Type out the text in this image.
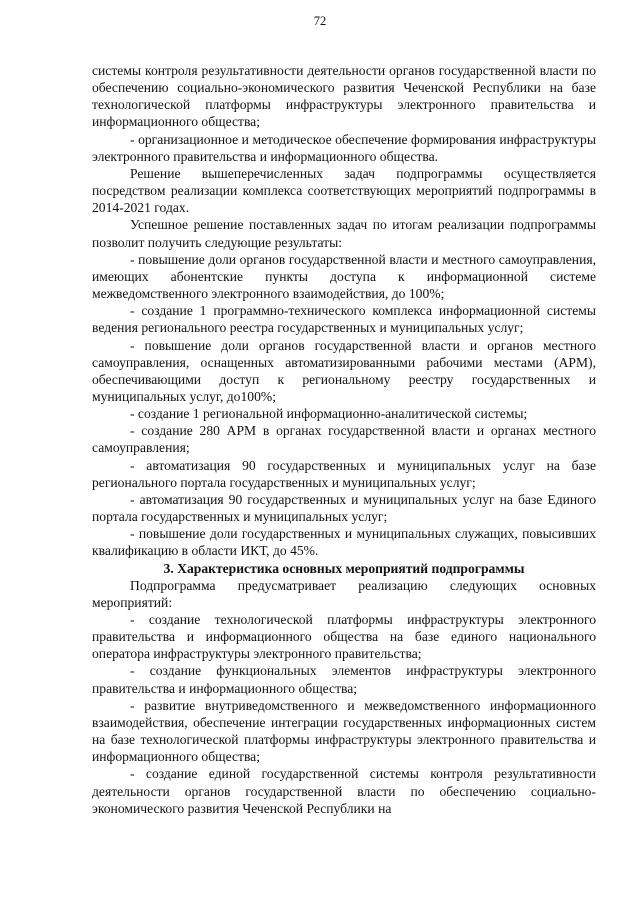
72

системы контроля результативности деятельности органов государственной власти по обеспечению социально-экономического развития Чеченской Республики на базе технологической платформы инфраструктуры электронного правительства и информационного общества;

- организационное и методическое обеспечение формирования инфраструктуры электронного правительства и информационного общества.

Решение вышеперечисленных задач подпрограммы осуществляется посредством реализации комплекса соответствующих мероприятий подпрограммы в 2014-2021 годах.

Успешное решение поставленных задач по итогам реализации подпрограммы позволит получить следующие результаты:

- повышение доли органов государственной власти и местного самоуправления, имеющих абонентские пункты доступа к информационной системе межведомственного электронного взаимодействия, до 100%;

- создание 1 программно-технического комплекса информационной системы ведения регионального реестра государственных и муниципальных услуг;

- повышение доли органов государственной власти и органов местного самоуправления, оснащенных автоматизированными рабочими местами (АРМ), обеспечивающими доступ к региональному реестру государственных и муниципальных услуг, до100%;

- создание 1 региональной информационно-аналитической системы;

- создание 280 АРМ в органах государственной власти и органах местного самоуправления;

- автоматизация 90 государственных и муниципальных услуг на базе регионального портала государственных и муниципальных услуг;

- автоматизация 90 государственных и муниципальных услуг на базе Единого портала государственных и муниципальных услуг;

- повышение доли государственных и муниципальных служащих, повысивших квалификацию в области ИКТ, до 45%.

3. Характеристика основных мероприятий подпрограммы

Подпрограмма предусматривает реализацию следующих основных мероприятий:

- создание технологической платформы инфраструктуры электронного правительства и информационного общества на базе единого национального оператора инфраструктуры электронного правительства;

- создание функциональных элементов инфраструктуры электронного правительства и информационного общества;

- развитие внутриведомственного и межведомственного информационного взаимодействия, обеспечение интеграции государственных информационных систем на базе технологической платформы инфраструктуры электронного правительства и информационного общества;

- создание единой государственной системы контроля результативности деятельности органов государственной власти по обеспечению социально-экономического развития Чеченской Республики на
